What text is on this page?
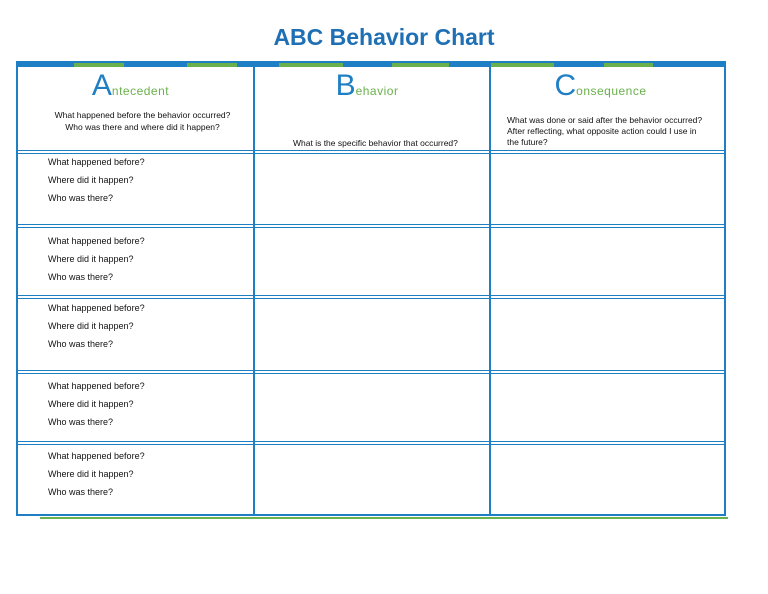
ABC Behavior Chart
Antecedent
What happened before the behavior occurred?
Who was there and where did it happen?
Behavior
What is the specific behavior that occurred?
Consequence
What was done or said after the behavior occurred?
After reflecting, what opposite action could I use in
the future?
What happened before?
Where did it happen?
Who was there?
What happened before?
Where did it happen?
Who was there?
What happened before?
Where did it happen?
Who was there?
What happened before?
Where did it happen?
Who was there?
What happened before?
Where did it happen?
Who was there?
